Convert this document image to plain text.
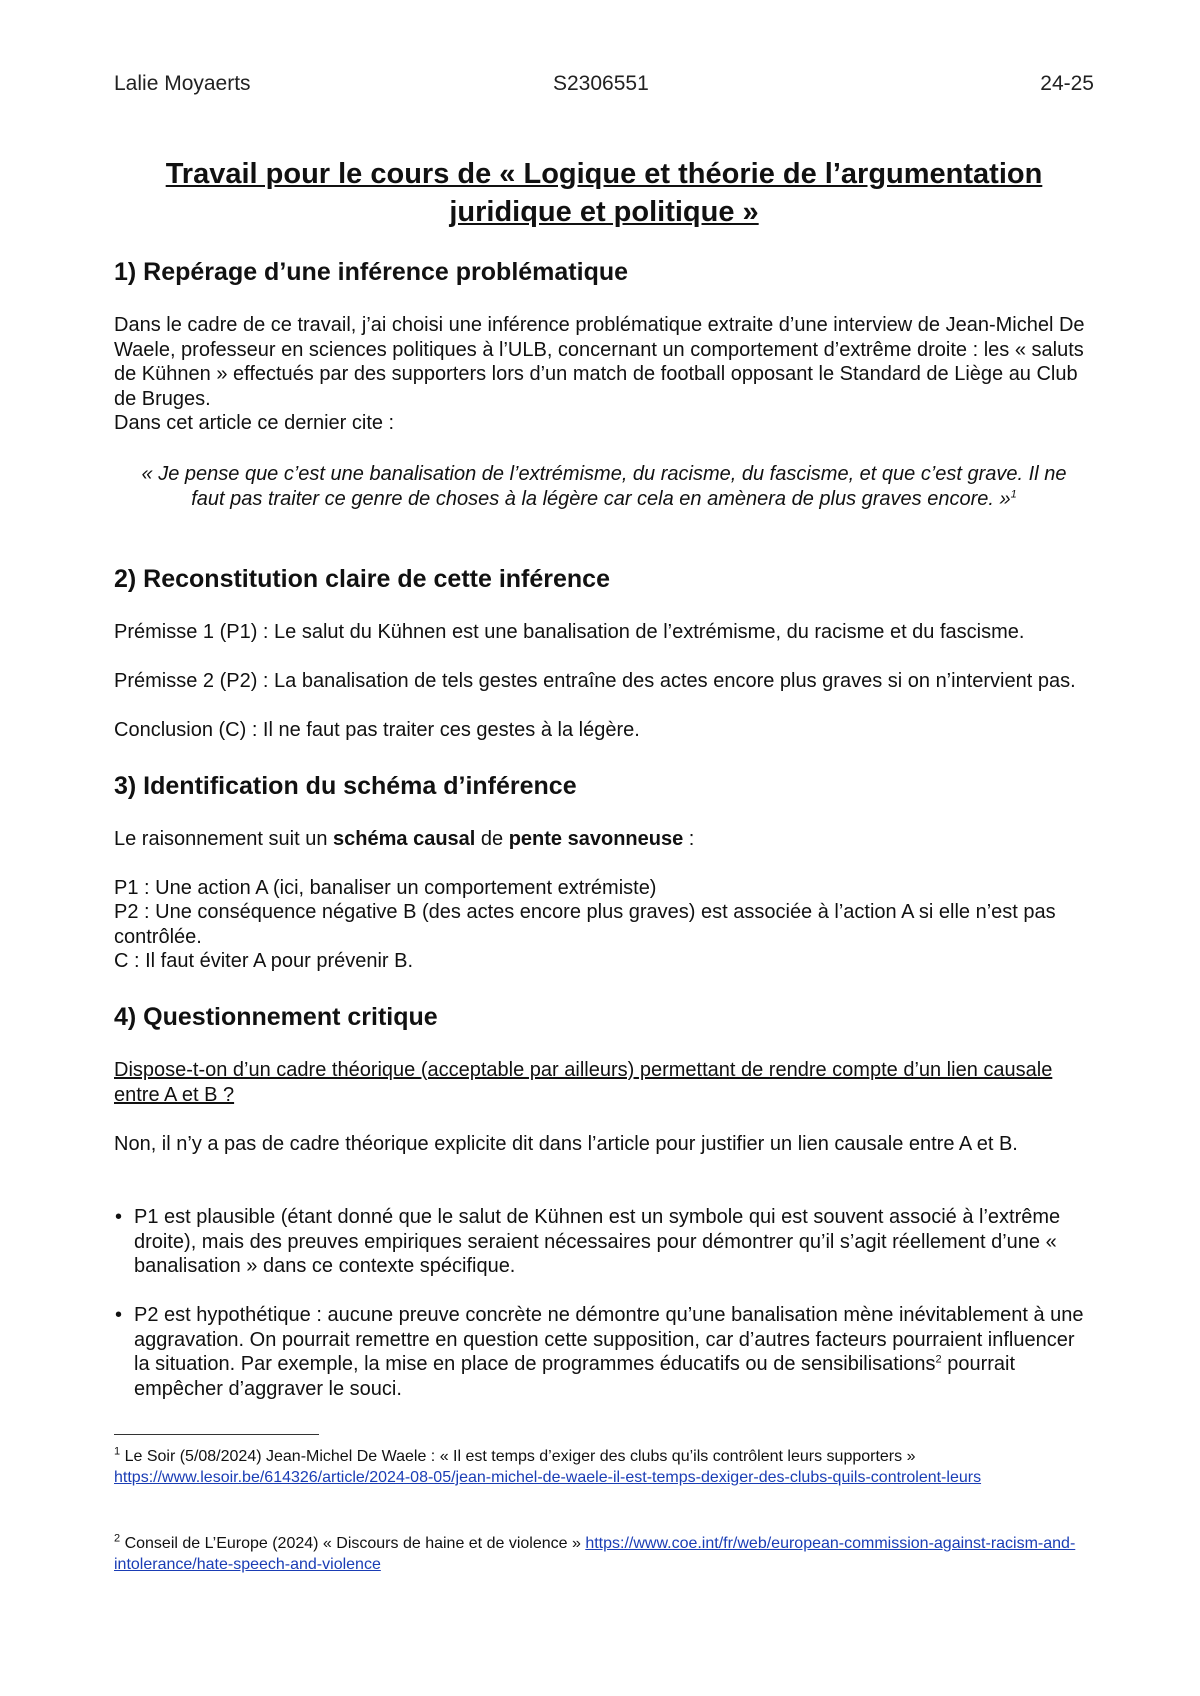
Lalie Moyaerts	S2306551	24-25
Travail pour le cours de « Logique et théorie de l’argumentation
juridique et politique »
1) Repérage d’une inférence problématique
Dans le cadre de ce travail, j’ai choisi une inférence problématique extraite d’une interview de Jean-Michel De Waele, professeur en sciences politiques à l’ULB, concernant un comportement d’extrême droite : les « saluts de Kühnen » effectués par des supporters lors d’un match de football opposant le Standard de Liège au Club de Bruges.
Dans cet article ce dernier cite :
« Je pense que c’est une banalisation de l’extrémisme, du racisme, du fascisme, et que c’est grave. Il ne faut pas traiter ce genre de choses à la légère car cela en amènera de plus graves encore. »$^1$
2) Reconstitution claire de cette inférence
Prémisse 1 (P1) : Le salut du Kühnen est une banalisation de l’extrémisme, du racisme et du fascisme.
Prémisse 2 (P2) : La banalisation de tels gestes entraîne des actes encore plus graves si on n’intervient pas.
Conclusion (C) : Il ne faut pas traiter ces gestes à la légère.
3) Identification du schéma d’inférence
Le raisonnement suit un schéma causal de pente savonneuse :
P1 : Une action A (ici, banaliser un comportement extrémiste)
P2 : Une conséquence négative B (des actes encore plus graves) est associée à l’action A si elle n’est pas contrôlée.
C : Il faut éviter A pour prévenir B.
4) Questionnement critique
Dispose-t-on d’un cadre théorique (acceptable par ailleurs) permettant de rendre compte d’un lien causale entre A et B ?
Non, il n’y a pas de cadre théorique explicite dit dans l’article pour justifier un lien causale entre A et B.
• P1 est plausible (étant donné que le salut de Kühnen est un symbole qui est souvent associé à l’extrême droite), mais des preuves empiriques seraient nécessaires pour démontrer qu’il s’agit réellement d’une « banalisation » dans ce contexte spécifique.
• P2 est hypothétique : aucune preuve concrète ne démontre qu’une banalisation mène inévitablement à une aggravation. On pourrait remettre en question cette supposition, car d’autres facteurs pourraient influencer la situation. Par exemple, la mise en place de programmes éducatifs ou de sensibilisations$^2$ pourrait empêcher d’aggraver le souci.
$^1$ Le Soir (5/08/2024) Jean-Michel De Waele : « Il est temps d’exiger des clubs qu’ils contrôlent leurs supporters » https://www.lesoir.be/614326/article/2024-08-05/jean-michel-de-waele-il-est-temps-dexiger-des-clubs-quils-controlent-leurs
$^2$ Conseil de L’Europe (2024) « Discours de haine et de violence » https://www.coe.int/fr/web/european-commission-against-racism-and-intolerance/hate-speech-and-violence
